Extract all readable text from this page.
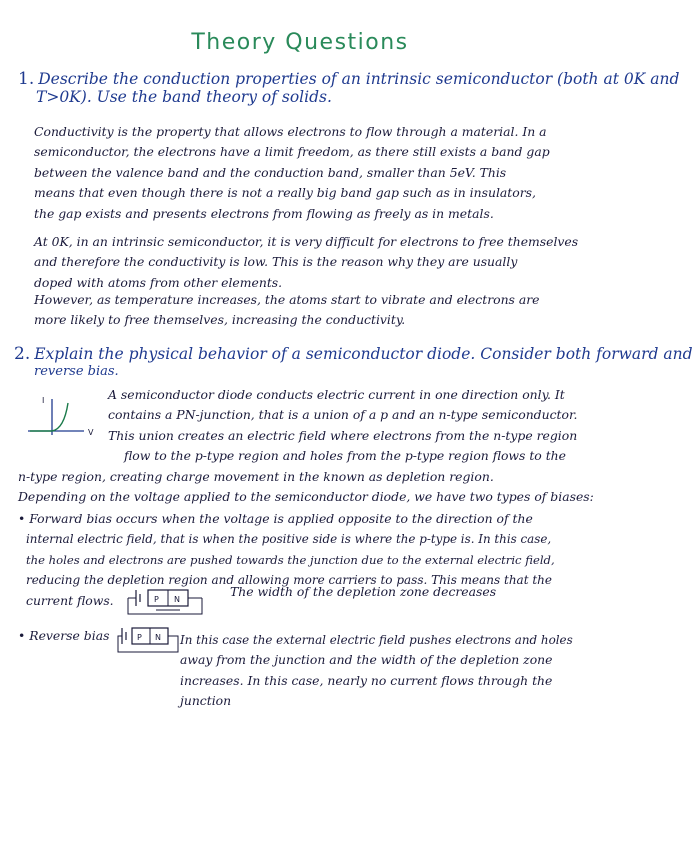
Theory Questions
1. Describe the conduction properties of an intrinsic semiconductor (both at 0K and
T>0K). Use the band theory of solids.
Conductivity is the property that allows electrons to flow through a material. In a
semiconductor, the electrons have a limit freedom, as there still exists a band gap
between the valence band and the conduction band, smaller than 5eV. This
means that even though there is not a really big band gap such as in insulators,
the gap exists and presents electrons from flowing as freely as in metals.
At 0K, in an intrinsic semiconductor, it is very difficult for electrons to free themselves
and therefore the conductivity is low. This is the reason why they are usually
doped with atoms from other elements.
However, as temperature increases, the atoms start to vibrate and electrons are
more likely to free themselves, increasing the conductivity.
2. Explain the physical behavior of a semiconductor diode. Consider both forward and
reverse bias.
I
V
A semiconductor diode conducts electric current in one direction only. It
contains a PN-junction, that is a union of a p and an n-type semiconductor.
This union creates an electric field where electrons from the n-type region
flow to the p-type region and holes from the p-type region flows to the
n-type region, creating charge movement in the known as depletion region.
Depending on the voltage applied to the semiconductor diode, we have two types of biases:
• Forward bias occurs when the voltage is applied opposite to the direction of the
internal electric field, that is when the positive side is where the p-type is. In this case,
the holes and electrons are pushed towards the junction due to the external electric field,
reducing the depletion region and allowing more carriers to pass. This means that the
current flows.	P N
The width of the depletion zone decreases
• Reverse bias	P N In this case the external electric field pushes electrons and holes
away from the junction and the width of the depletion zone
increases. In this case, nearly no current flows through the
junction
